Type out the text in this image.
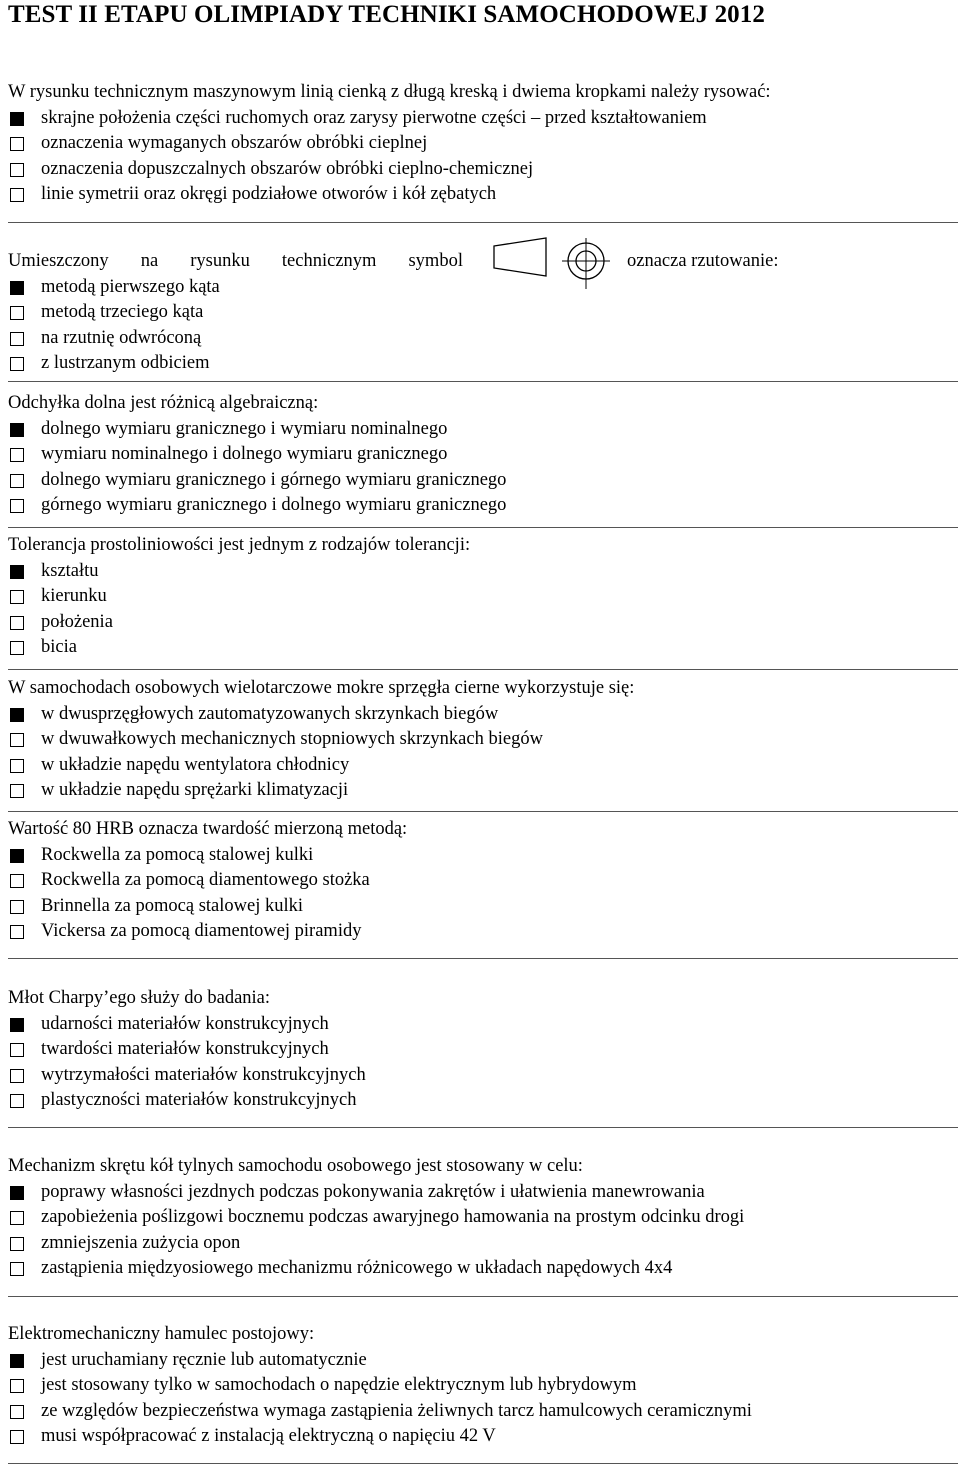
TEST II ETAPU OLIMPIADY TECHNIKI SAMOCHODOWEJ 2012
W rysunku technicznym maszynowym linią cienką z długą kreską i dwiema kropkami należy rysować:
skrajne położenia części ruchomych oraz zarysy pierwotne części – przed kształtowaniem
oznaczenia wymaganych obszarów obróbki cieplnej
oznaczenia dopuszczalnych obszarów obróbki cieplno-chemicznej
linie symetrii oraz okręgi podziałowe otworów i kół zębatych
Umieszczony na rysunku technicznym symbol	oznacza rzutowanie:
metodą pierwszego kąta
metodą trzeciego kąta
na rzutnię odwróconą
z lustrzanym odbiciem
Odchyłka dolna jest różnicą algebraiczną:
dolnego wymiaru granicznego i wymiaru nominalnego
wymiaru nominalnego i dolnego wymiaru granicznego
dolnego wymiaru granicznego i górnego wymiaru granicznego
górnego wymiaru granicznego i dolnego wymiaru granicznego
Tolerancja prostoliniowości jest jednym z rodzajów tolerancji:
kształtu
kierunku
położenia
bicia
W samochodach osobowych wielotarczowe mokre sprzęgła cierne wykorzystuje się:
w dwusprzęgłowych zautomatyzowanych skrzynkach biegów
w dwuwałkowych mechanicznych stopniowych skrzynkach biegów
w układzie napędu wentylatora chłodnicy
w układzie napędu sprężarki klimatyzacji
Wartość 80 HRB oznacza twardość mierzoną metodą:
Rockwella za pomocą stalowej kulki
Rockwella za pomocą diamentowego stożka
Brinnella za pomocą stalowej kulki
Vickersa za pomocą diamentowej piramidy
Młot Charpy’ego służy do badania:
udarności materiałów konstrukcyjnych
twardości materiałów konstrukcyjnych
wytrzymałości materiałów konstrukcyjnych
plastyczności materiałów konstrukcyjnych
Mechanizm skrętu kół tylnych samochodu osobowego jest stosowany w celu:
poprawy własności jezdnych podczas pokonywania zakrętów i ułatwienia manewrowania
zapobieżenia poślizgowi bocznemu podczas awaryjnego hamowania na prostym odcinku drogi
zmniejszenia zużycia opon
zastąpienia międzyosiowego mechanizmu różnicowego w układach napędowych 4x4
Elektromechaniczny hamulec postojowy:
jest uruchamiany ręcznie lub automatycznie
jest stosowany tylko w samochodach o napędzie elektrycznym lub hybrydowym
ze względów bezpieczeństwa wymaga zastąpienia żeliwnych tarcz hamulcowych ceramicznymi
musi współpracować z instalacją elektryczną o napięciu 42 V
